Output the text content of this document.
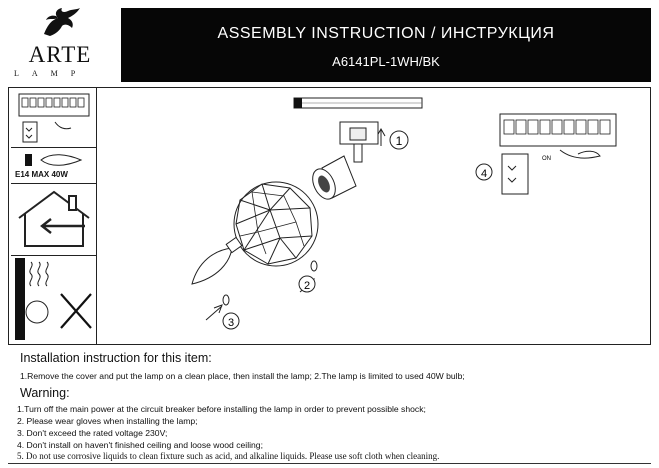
ARTE
LAMP
ASSEMBLY INSTRUCTION / ИНСТРУКЦИЯ
A6141PL-1WH/BK
E14 MAX 40W
1
2
3
4
ON
Installation instruction for this item:
1.Remove the cover and put the lamp on a clean place, then install the lamp; 2.The lamp is limited to used 40W bulb;
Warning:
1.Turn off the main power at the circuit breaker before installing the lamp in order to prevent possible shock;
2. Please wear gloves when installing the lamp;
3. Don't exceed the rated voltage 230V;
4. Don't install on haven't finished ceiling and loose wood ceiling;
5. Do not use corrosive liquids to clean fixture such as acid, and alkaline liquids. Please use soft cloth when cleaning.
